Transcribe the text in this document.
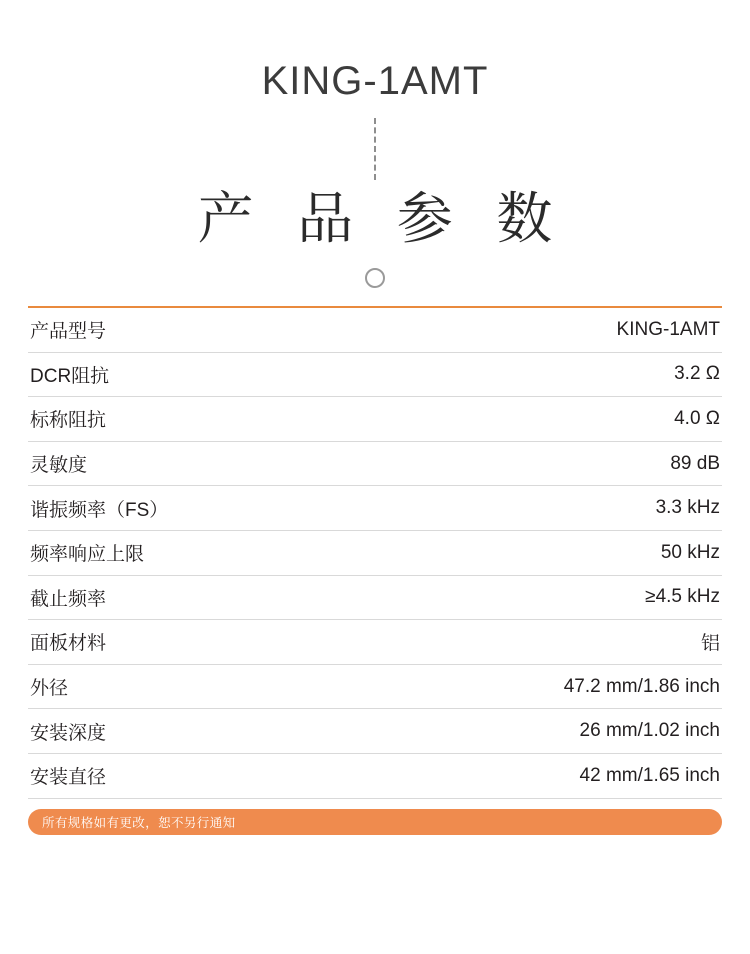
KING-1AMT
产 品 参 数
产品型号	KING-1AMT
DCR阻抗	3.2 Ω
标称阻抗	4.0 Ω
灵敏度	89 dB
谐振频率（FS）	3.3 kHz
频率响应上限	50 kHz
截止频率	≥4.5 kHz
面板材料	铝
外径	47.2 mm/1.86 inch
安装深度	26 mm/1.02 inch
安装直径	42 mm/1.65 inch
所有规格如有更改，恕不另行通知
